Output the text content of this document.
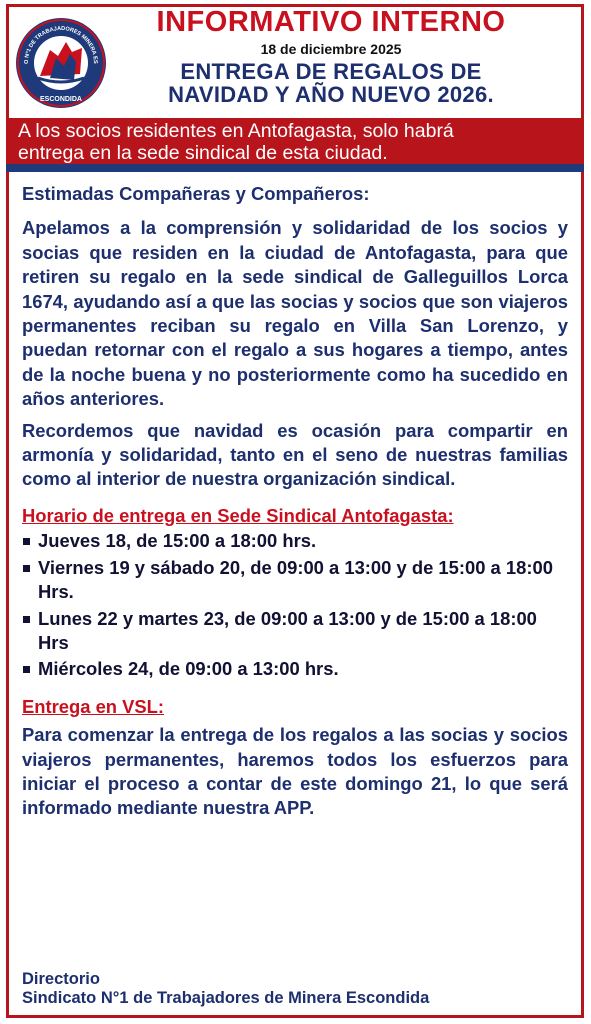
O Nº1 DE TRABAJADORES MINERA ES
ESCONDIDA
INFORMATIVO INTERNO
18 de diciembre 2025
ENTREGA DE REGALOS DE
NAVIDAD Y AÑO NUEVO 2026.
A los socios residentes en Antofagasta, solo habrá
entrega en la sede sindical de esta ciudad.
Estimadas Compañeras y Compañeros:

Apelamos a la comprensión y solidaridad de los socios y socias que residen en la ciudad de Antofagasta, para que retiren su regalo en la sede sindical de Galleguillos Lorca 1674, ayudando así a que las socias y socios que son viajeros permanentes reciban su regalo en Villa San Lorenzo, y puedan retornar con el regalo a sus hogares a tiempo, antes de la noche buena y no posteriormente como ha sucedido en años anteriores.

Recordemos que navidad es ocasión para compartir en armonía y solidaridad, tanto en el seno de nuestras familias como al interior de nuestra organización sindical.

Horario de entrega en Sede Sindical Antofagasta:
Jueves 18, de 15:00 a 18:00 hrs.
Viernes 19 y sábado 20, de 09:00 a 13:00 y de 15:00 a 18:00 Hrs.
Lunes 22 y martes 23, de 09:00 a 13:00 y de 15:00 a 18:00 Hrs
Miércoles 24, de 09:00 a 13:00 hrs.
Entrega en VSL:

Para comenzar la entrega de los regalos a las socias y socios viajeros permanentes, haremos todos los esfuerzos para iniciar el proceso a contar de este domingo 21, lo que será informado mediante nuestra APP.

Directorio
Sindicato N°1 de Trabajadores de Minera Escondida
